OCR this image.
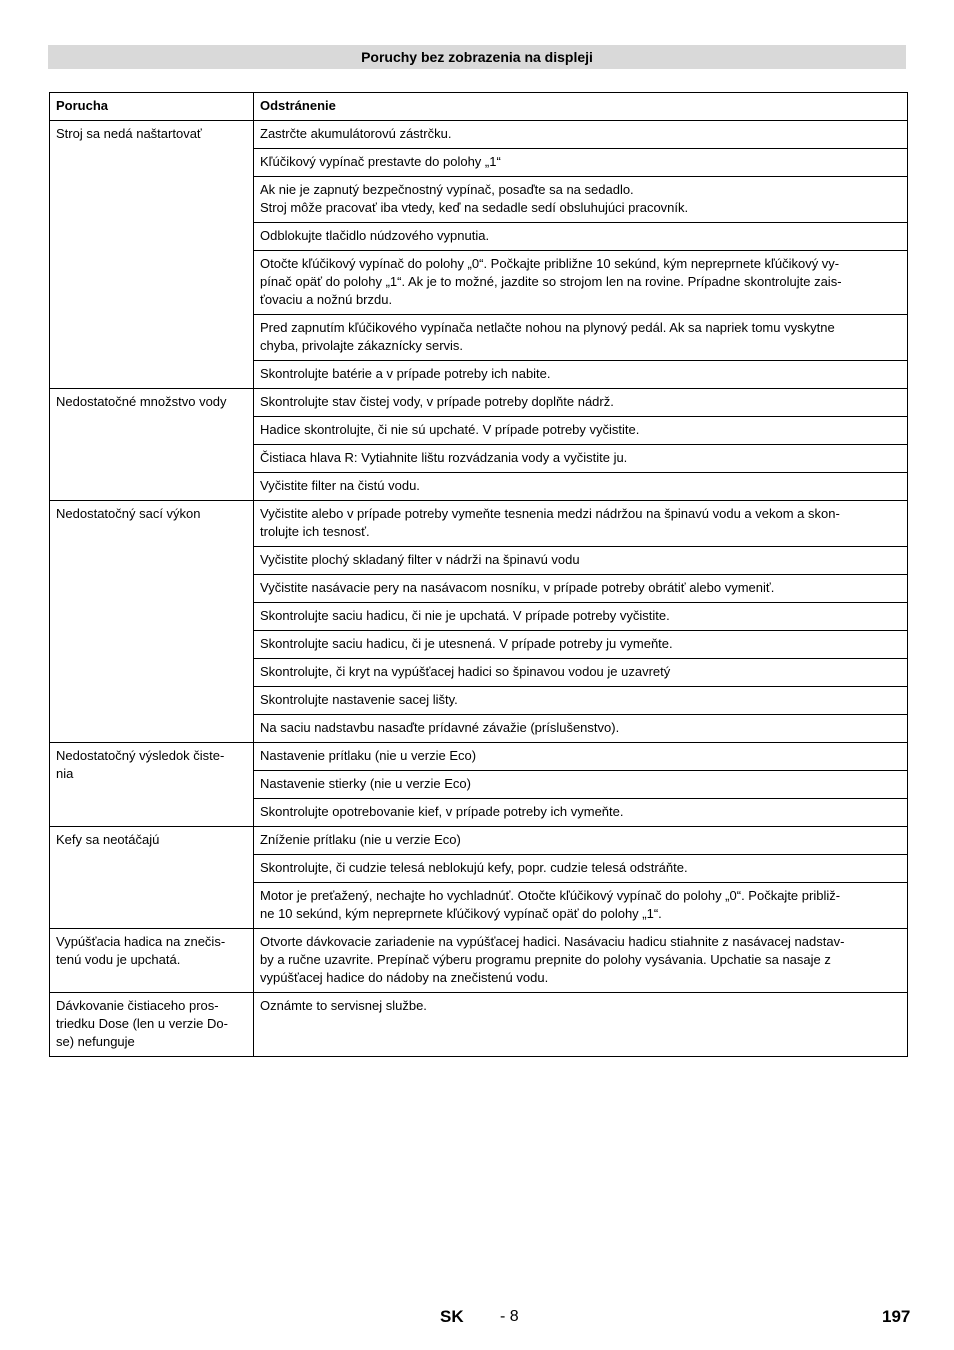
Poruchy bez zobrazenia na displeji
Porucha	Odstránenie

Stroj sa nedá naštartovať	Zastrčte akumulátorovú zástrčku.

	Kľúčikový vypínač prestavte do polohy „1“

	Ak nie je zapnutý bezpečnostný vypínač, posaďte sa na sedadlo.
Stroj môže pracovať iba vtedy, keď na sedadle sedí obsluhujúci pracovník.

	Odblokujte tlačidlo núdzového vypnutia.

	Otočte kľúčikový vypínač do polohy „0“. Počkajte približne 10 sekúnd, kým nepreprnete kľúčikový vy-
pínač opäť do polohy „1“. Ak je to možné, jazdite so strojom len na rovine. Prípadne skontrolujte zais-
ťovaciu a nožnú brzdu.

	Pred zapnutím kľúčikového vypínača netlačte nohou na plynový pedál. Ak sa napriek tomu vyskytne
chyba, privolajte zákaznícky servis.

	Skontrolujte batérie a v prípade potreby ich nabite.

Nedostatočné množstvo vody	Skontrolujte stav čistej vody, v prípade potreby doplňte nádrž.

	Hadice skontrolujte, či nie sú upchaté. V prípade potreby vyčistite.

	Čistiaca hlava R: Vytiahnite lištu rozvádzania vody a vyčistite ju.

	Vyčistite filter na čistú vodu.

Nedostatočný sací výkon	Vyčistite alebo v prípade potreby vymeňte tesnenia medzi nádržou na špinavú vodu a vekom a skon-
trolujte ich tesnosť.

	Vyčistite plochý skladaný filter v nádrži na špinavú vodu

	Vyčistite nasávacie pery na nasávacom nosníku, v prípade potreby obrátiť alebo vymeniť.

	Skontrolujte saciu hadicu, či nie je upchatá. V prípade potreby vyčistite.

	Skontrolujte saciu hadicu, či je utesnená. V prípade potreby ju vymeňte.

	Skontrolujte, či kryt na vypúšťacej hadici so špinavou vodou je uzavretý

	Skontrolujte nastavenie sacej lišty.

	Na saciu nadstavbu nasaďte prídavné závažie (príslušenstvo).

Nedostatočný výsledok čiste-
nia	Nastavenie prítlaku (nie u verzie Eco)

	Nastavenie stierky (nie u verzie Eco)

	Skontrolujte opotrebovanie kief, v prípade potreby ich vymeňte.

Kefy sa neotáčajú	Zníženie prítlaku (nie u verzie Eco)

	Skontrolujte, či cudzie telesá neblokujú kefy, popr. cudzie telesá odstráňte.

	Motor je preťažený, nechajte ho vychladnúť. Otočte kľúčikový vypínač do polohy „0“. Počkajte približ-
ne 10 sekúnd, kým nepreprnete kľúčikový vypínač opäť do polohy „1“.

Vypúšťacia hadica na znečis-
tenú vodu je upchatá.	Otvorte dávkovacie zariadenie na vypúšťacej hadici. Nasávaciu hadicu stiahnite z nasávacej nadstav-
by a ručne uzavrite. Prepínač výberu programu prepnite do polohy vysávania. Upchatie sa nasaje z
vypúšťacej hadice do nádoby na znečistenú vodu.

Dávkovanie čistiaceho pros-
triedku Dose (len u verzie Do-
se) nefunguje	Oznámte to servisnej službe.
SK - 8	197
